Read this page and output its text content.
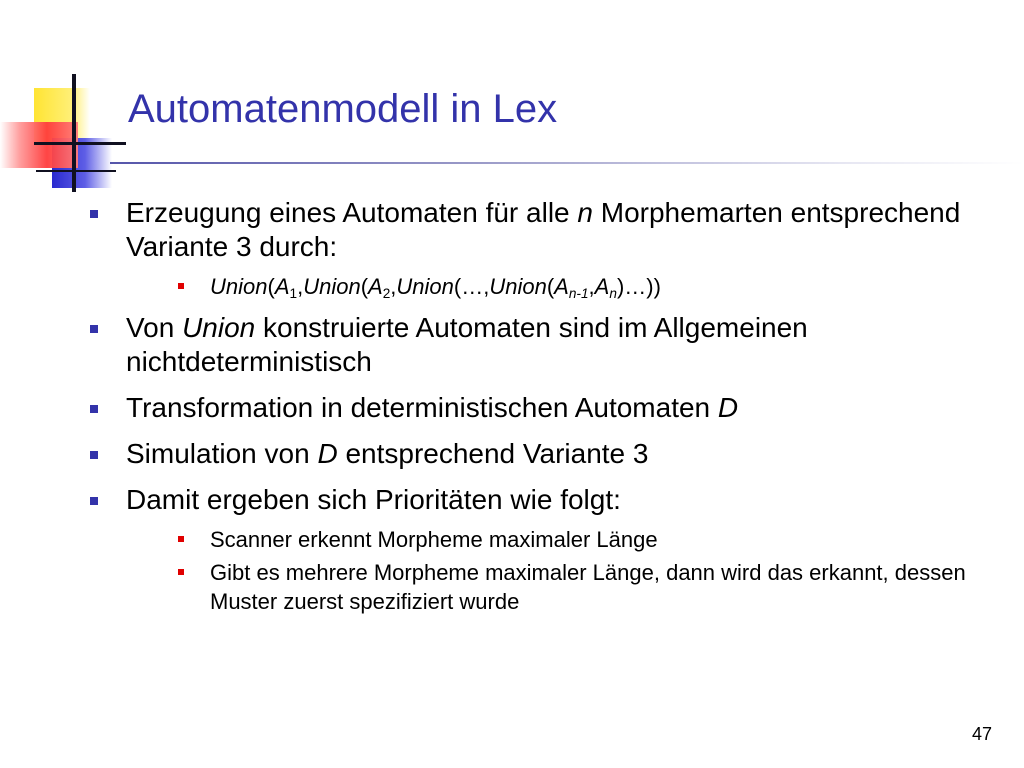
Automatenmodell in Lex
Erzeugung eines Automaten für alle n Morphemarten entsprechend Variante 3 durch:
$Union(A_1,Union(A_2,Union(\dots,Union(A_{n-1},A_n)\dots))$
Von Union konstruierte Automaten sind im Allgemeinen nichtdeterministisch
Transformation in deterministischen Automaten D
Simulation von D entsprechend Variante 3
Damit ergeben sich Prioritäten wie folgt:
Scanner erkennt Morpheme maximaler Länge
Gibt es mehrere Morpheme maximaler Länge, dann wird das erkannt, dessen Muster zuerst spezifiziert wurde
47
